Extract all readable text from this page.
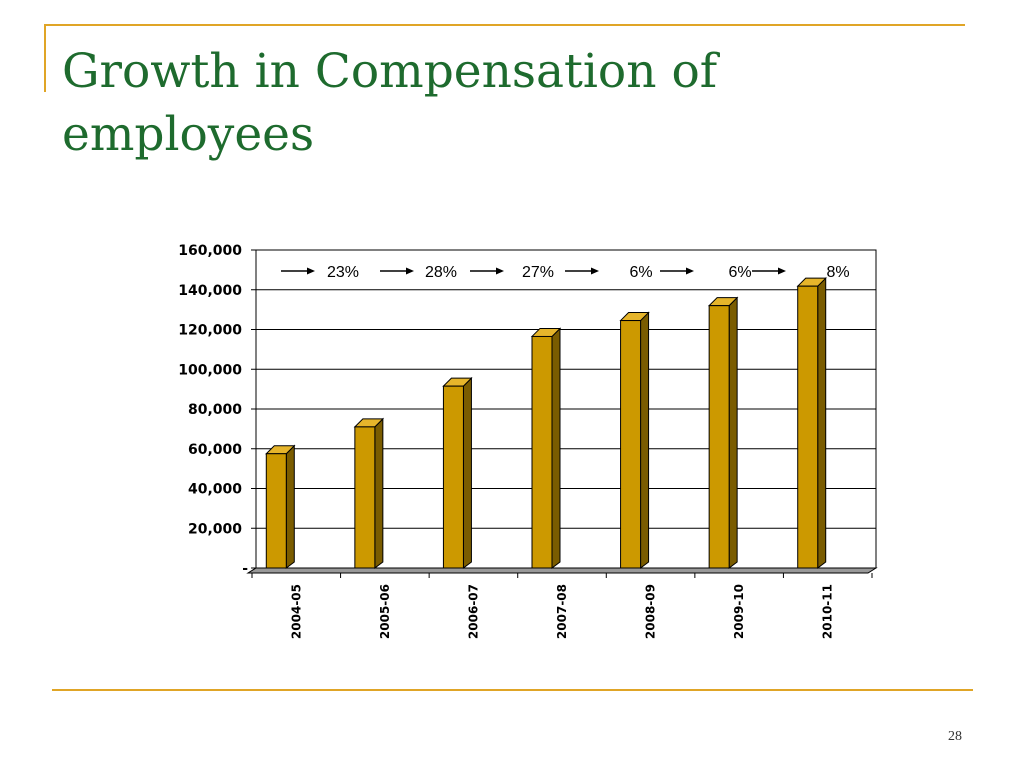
Growth in Compensation of employees
28
20,000
40,000
60,000
80,000
100,000
120,000
140,000
160,000
-
2004-05	2005-06	2006-07	2007-08	2008-09	2009-10	2010-11
23%	28%	27%	6%	6%	8%
